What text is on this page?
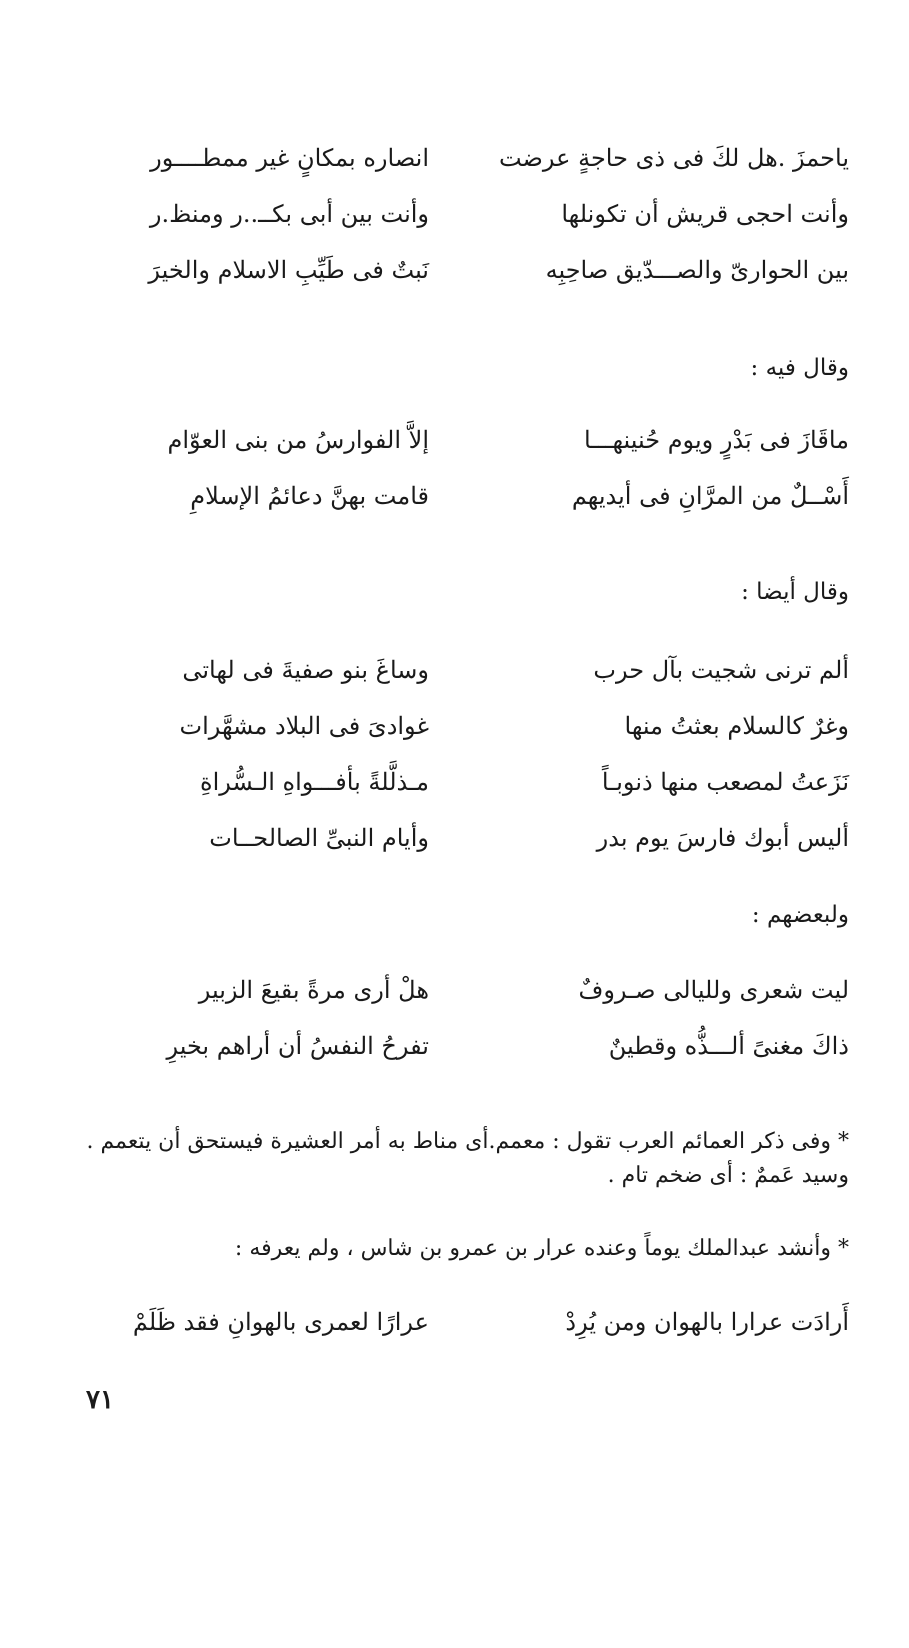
ياحمزَ .هل لكَ فى ذى حاجةٍ عرضت
انصاره بمكانٍ غير ممطــــور
وأنت احجى قريش أن تكونلها
وأنت بين أبى بكــ..ر ومنظ.ر
بين الحوارىّ والصـــدّيق صاحِبِه
نَبتٌ فى طَيِّبِ الاسلام والخيرَ
وقال فيه :
ماقَازَ فى بَدْرٍ ويوم حُنينهـــا
إلاَّ الفوارسُ من بنى العوّام
أَسْــلٌ من المرَّانِ فى أيديهم
قامت بهنَّ دعائمُ الإسلامِ
وقال أيضا :
ألم ترنى شجيت بآل حرب
وساغَ بنو صفيةَ فى لهاتى
وغرٌ كالسلام بعثتُ منها
غوادىَ فى البلاد مشهَّرات
نَزَعتُ لمصعب منها ذنوبـاً
مـذلَّلةً بأفـــواهِ الـسُّراةِ
أليس أبوك فارسَ يوم بدر
وأيام النبىِّ الصالحــات
ولبعضهم :
ليت شعرى ولليالى صـروفٌ
هلْ أرى مرةً بقيعَ الزبير
ذاكَ مغنىً ألـــذُّه وقطينٌ
تفرحُ النفسُ أن أراهم بخيرِ
* وفى ذكر العمائم العرب تقول : معمم.أى مناط به أمر العشيرة فيستحق أن يتعمم . وسيد عَممٌ : أى ضخم تام .
* وأنشد عبدالملك يوماً وعنده عرار بن عمرو بن شاس ، ولم يعرفه :
أَرادَت عرارا بالهوان ومن يُرِدْ
عرارًا لعمرى بالهوانِ فقد ظَلَمْ
٧١
